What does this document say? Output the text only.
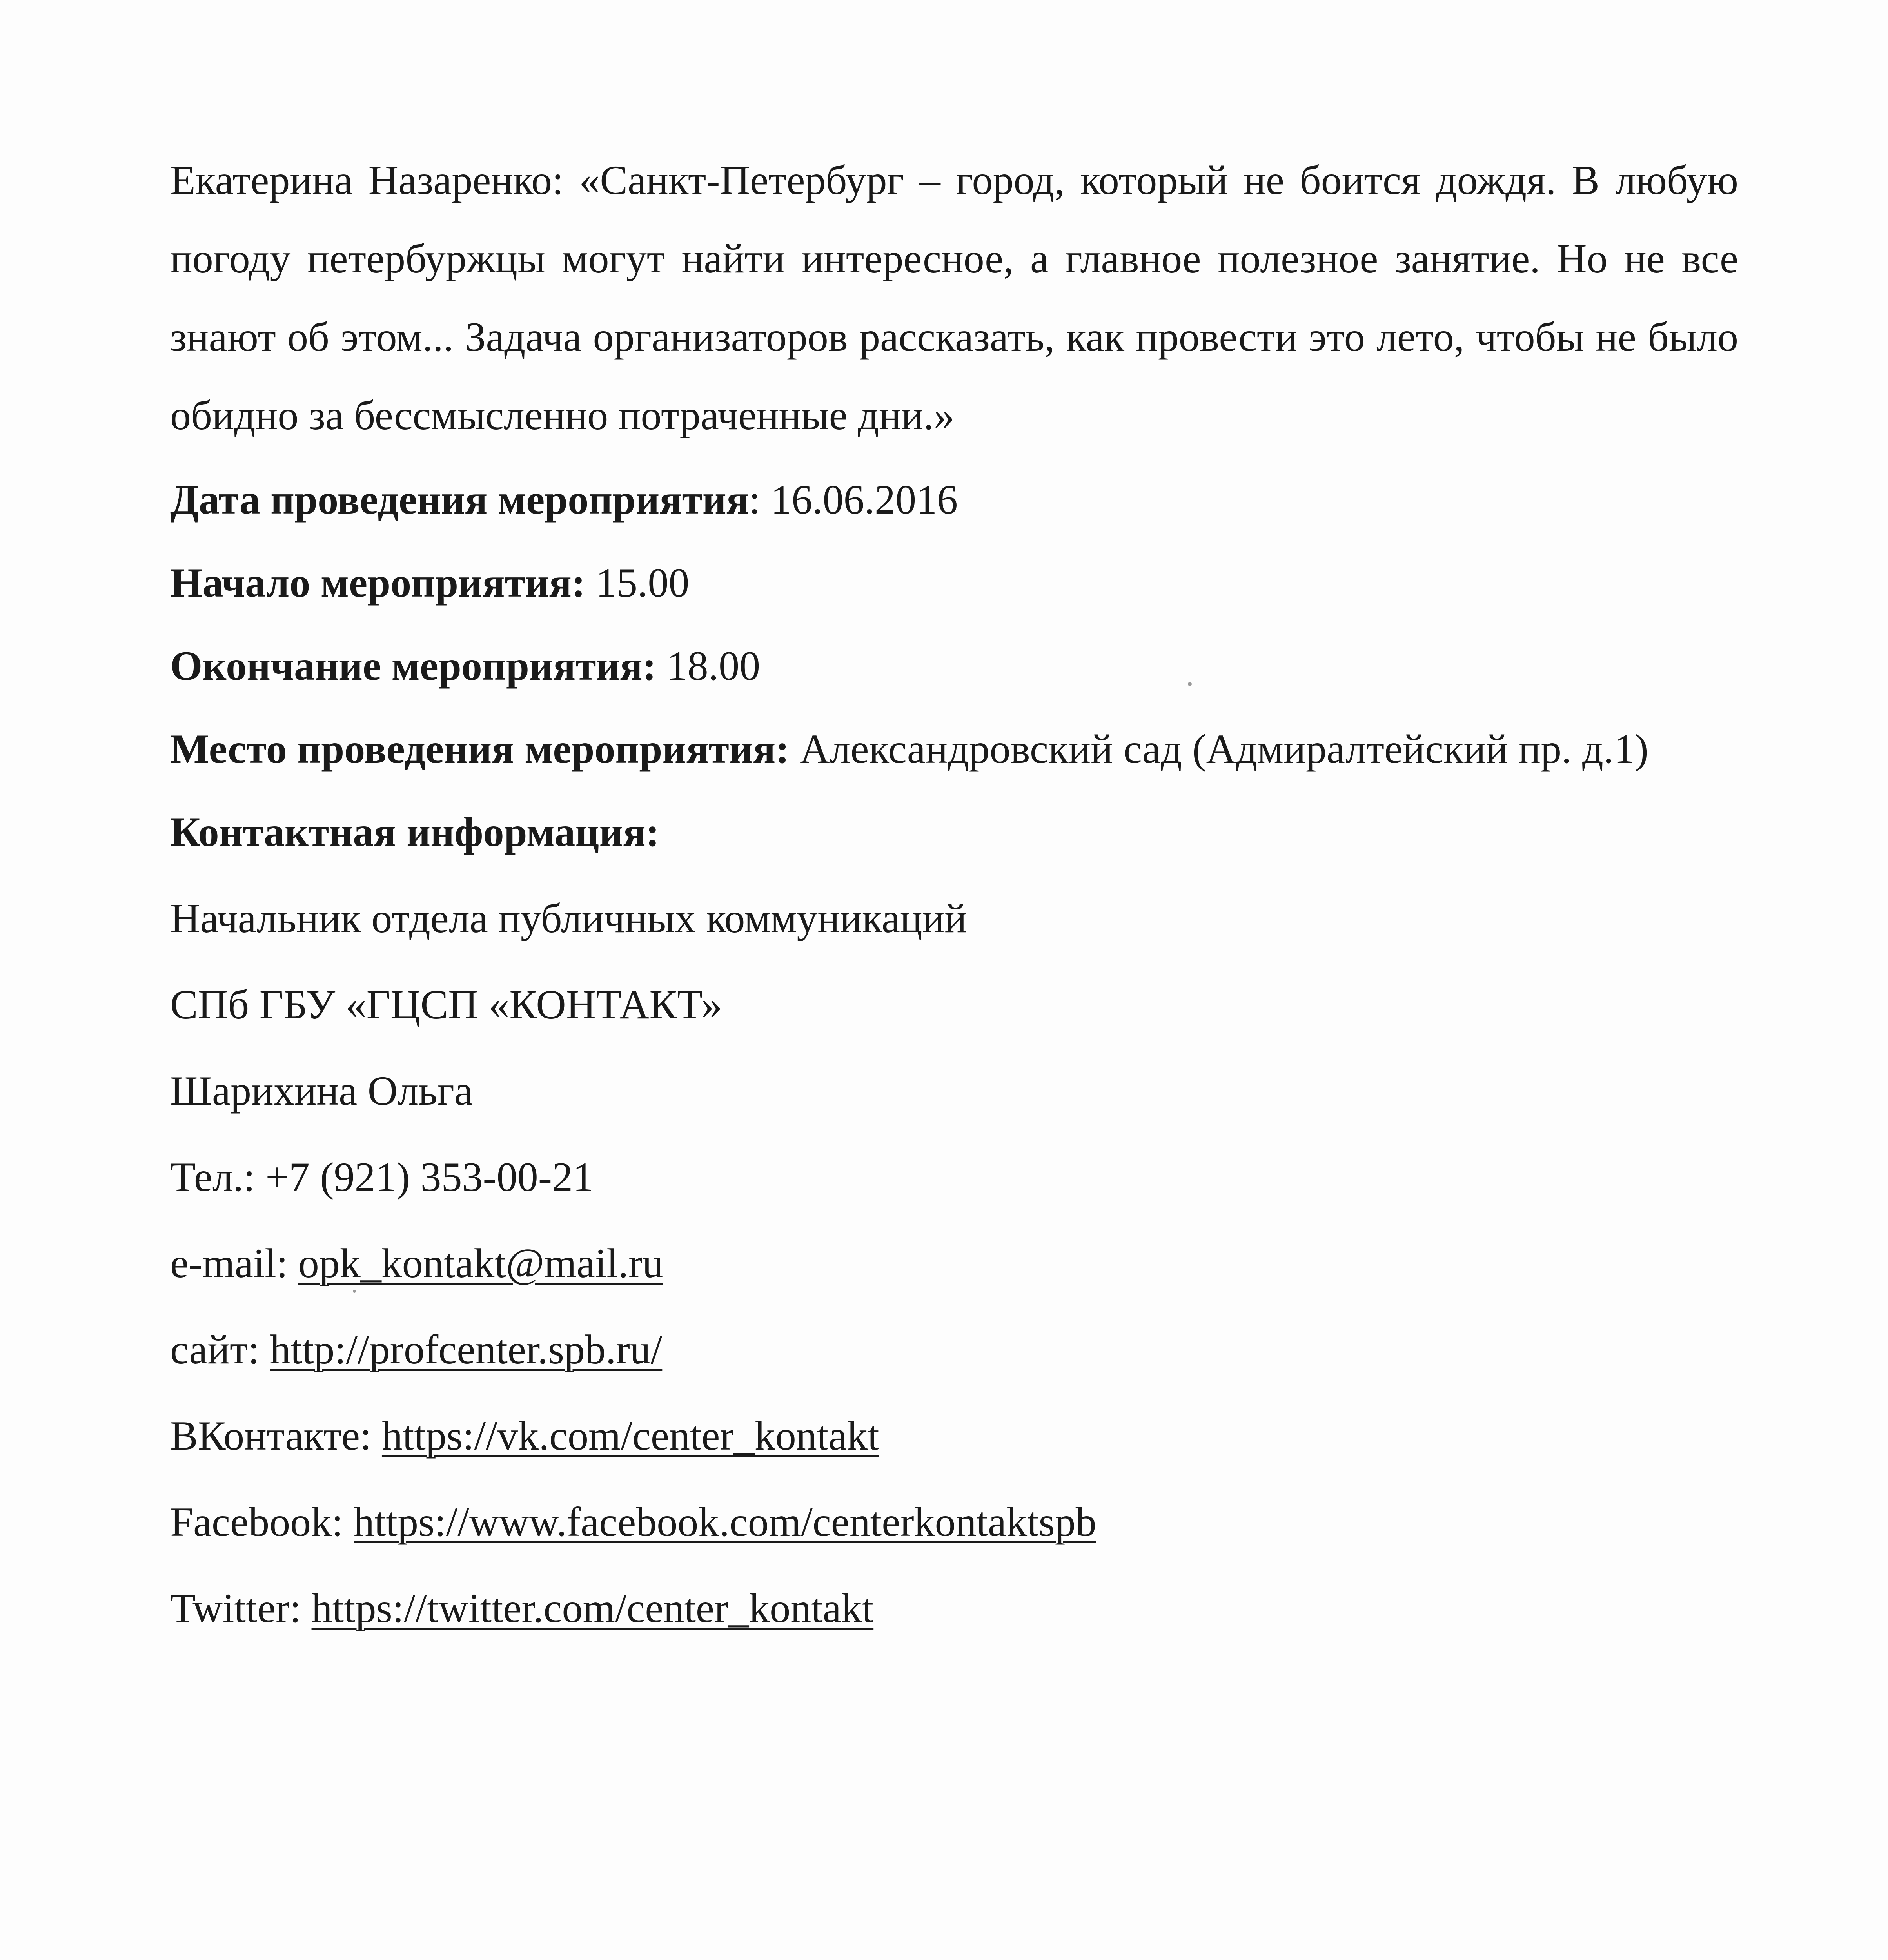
Екатерина Назаренко: «Санкт-Петербург – город, который не боится дождя. В любую погоду петербуржцы могут найти интересное, а главное полезное занятие. Но не все знают об этом... Задача организаторов рассказать, как провести это лето, чтобы не было обидно за бессмысленно потраченные дни.»

Дата проведения мероприятия: 16.06.2016

Начало мероприятия: 15.00

Окончание мероприятия: 18.00

Место проведения мероприятия: Александровский сад (Адмиралтейский пр. д.1)

Контактная информация:

Начальник отдела публичных коммуникаций

СПб ГБУ «ГЦСП «КОНТАКТ»

Шарихина Ольга

Тел.: +7 (921) 353-00-21

e-mail: opk_kontakt@mail.ru

сайт: http://profcenter.spb.ru/

ВКонтакте: https://vk.com/center_kontakt

Facebook: https://www.facebook.com/centerkontaktspb

Twitter: https://twitter.com/center_kontakt
